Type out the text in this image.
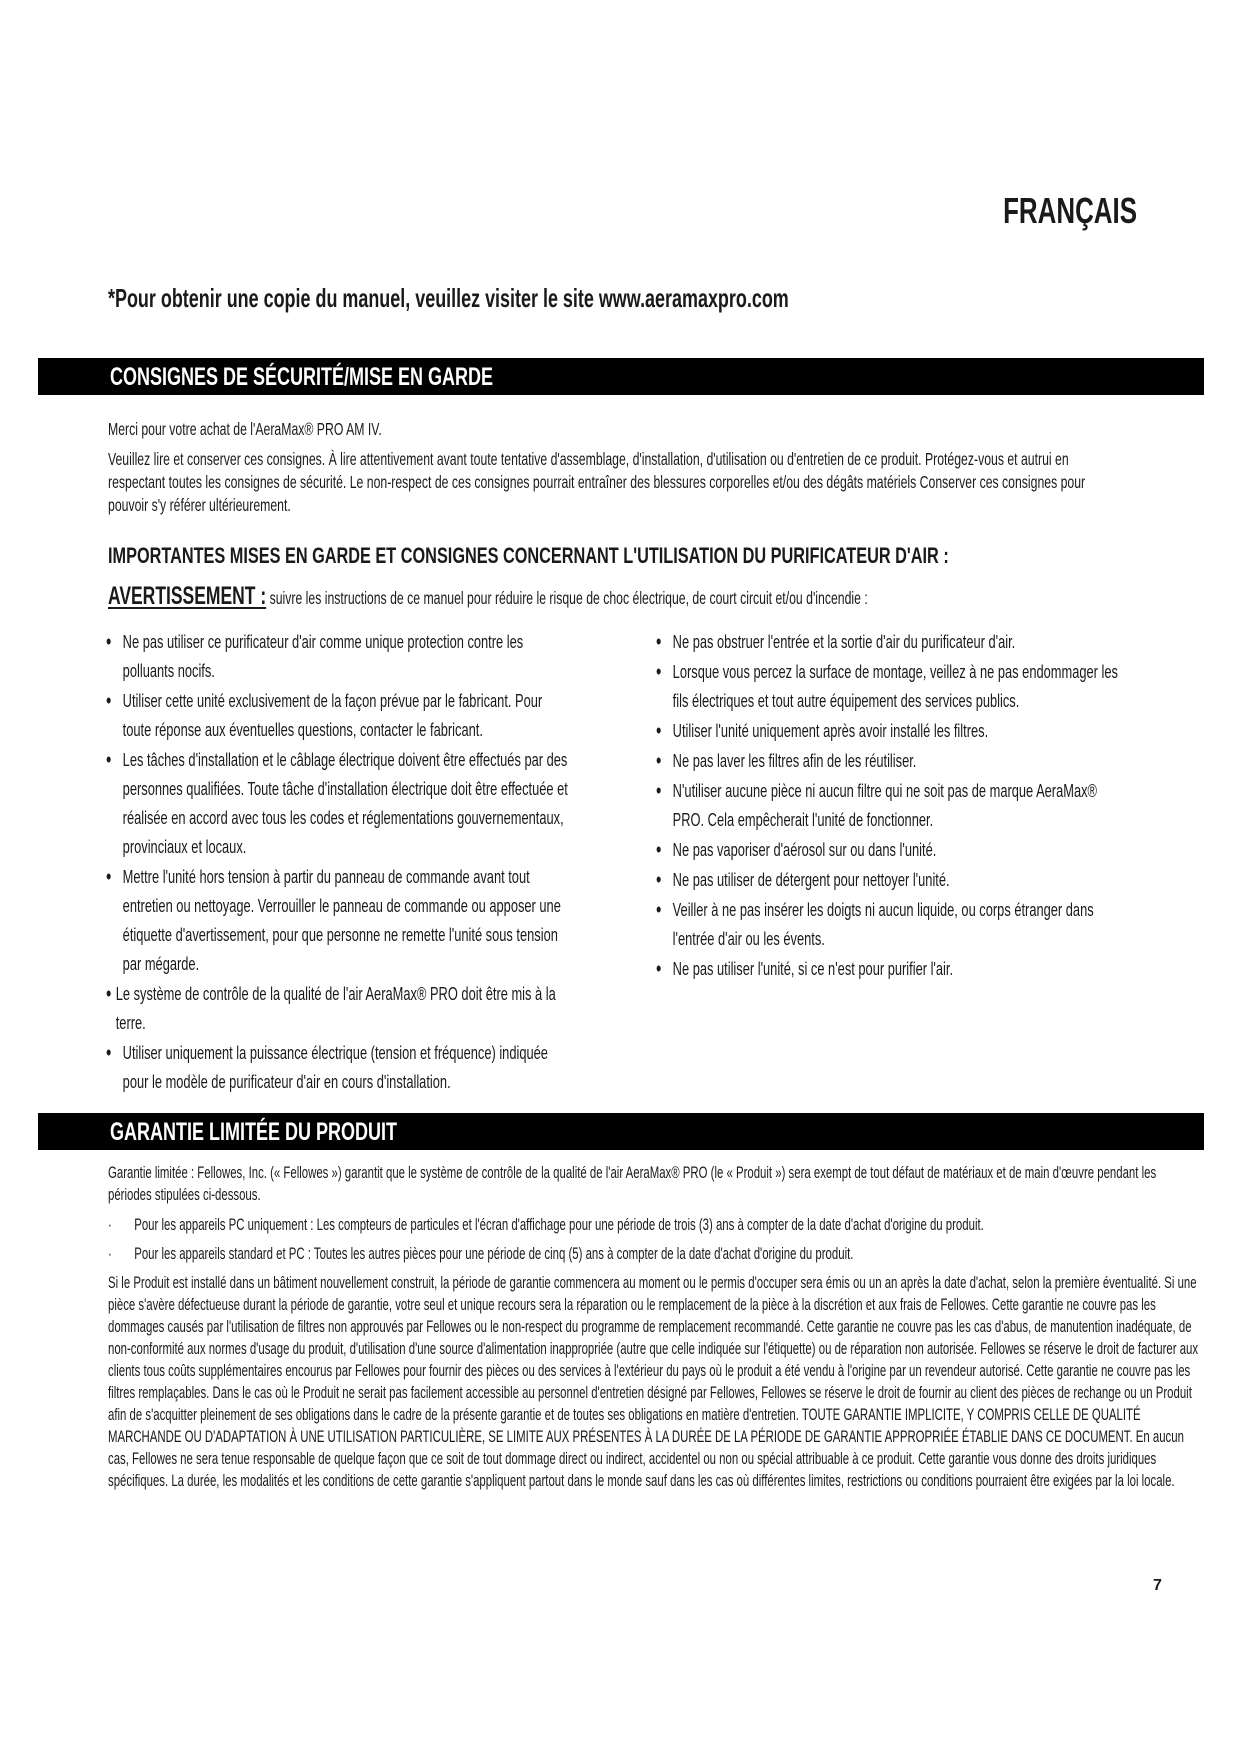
FRANÇAIS
*Pour obtenir une copie du manuel, veuillez visiter le site www.aeramaxpro.com
CONSIGNES DE SÉCURITÉ/MISE EN GARDE
Merci pour votre achat de l'AeraMax® PRO AM IV.
Veuillez lire et conserver ces consignes. À lire attentivement avant toute tentative d'assemblage, d'installation, d'utilisation ou d'entretien de ce produit. Protégez-vous et autrui en respectant toutes les consignes de sécurité. Le non-respect de ces consignes pourrait entraîner des blessures corporelles et/ou des dégâts matériels Conserver ces consignes pour pouvoir s'y référer ultérieurement.
IMPORTANTES MISES EN GARDE ET CONSIGNES CONCERNANT L'UTILISATION DU PURIFICATEUR D'AIR :
AVERTISSEMENT : suivre les instructions de ce manuel pour réduire le risque de choc électrique, de court circuit et/ou d'incendie :
• Ne pas utiliser ce purificateur d'air comme unique protection contre les polluants nocifs.
• Utiliser cette unité exclusivement de la façon prévue par le fabricant. Pour toute réponse aux éventuelles questions, contacter le fabricant.
• Les tâches d'installation et le câblage électrique doivent être effectués par des personnes qualifiées. Toute tâche d'installation électrique doit être effectuée et réalisée en accord avec tous les codes et réglementations gouvernementaux, provinciaux et locaux.
• Mettre l'unité hors tension à partir du panneau de commande avant tout entretien ou nettoyage. Verrouiller le panneau de commande ou apposer une étiquette d'avertissement, pour que personne ne remette l'unité sous tension par mégarde.
• Le système de contrôle de la qualité de l'air AeraMax® PRO doit être mis à la terre.
• Utiliser uniquement la puissance électrique (tension et fréquence) indiquée pour le modèle de purificateur d'air en cours d'installation.
• Ne pas obstruer l'entrée et la sortie d'air du purificateur d'air.
• Lorsque vous percez la surface de montage, veillez à ne pas endommager les fils électriques et tout autre équipement des services publics.
• Utiliser l'unité uniquement après avoir installé les filtres.
• Ne pas laver les filtres afin de les réutiliser.
• N'utiliser aucune pièce ni aucun filtre qui ne soit pas de marque AeraMax® PRO. Cela empêcherait l'unité de fonctionner.
• Ne pas vaporiser d'aérosol sur ou dans l'unité.
• Ne pas utiliser de détergent pour nettoyer l'unité.
• Veiller à ne pas insérer les doigts ni aucun liquide, ou corps étranger dans l'entrée d'air ou les évents.
• Ne pas utiliser l'unité, si ce n'est pour purifier l'air.
GARANTIE LIMITÉE DU PRODUIT
Garantie limitée : Fellowes, Inc. (« Fellowes ») garantit que le système de contrôle de la qualité de l'air AeraMax® PRO (le « Produit ») sera exempt de tout défaut de matériaux et de main d'œuvre pendant les périodes stipulées ci-dessous.
· Pour les appareils PC uniquement : Les compteurs de particules et l'écran d'affichage pour une période de trois (3) ans à compter de la date d'achat d'origine du produit.
· Pour les appareils standard et PC : Toutes les autres pièces pour une période de cinq (5) ans à compter de la date d'achat d'origine du produit.
Si le Produit est installé dans un bâtiment nouvellement construit, la période de garantie commencera au moment ou le permis d'occuper sera émis ou un an après la date d'achat, selon la première éventualité. Si une pièce s'avère défectueuse durant la période de garantie, votre seul et unique recours sera la réparation ou le remplacement de la pièce à la discrétion et aux frais de Fellowes. Cette garantie ne couvre pas les dommages causés par l'utilisation de filtres non approuvés par Fellowes ou le non-respect du programme de remplacement recommandé. Cette garantie ne couvre pas les cas d'abus, de manutention inadéquate, de non-conformité aux normes d'usage du produit, d'utilisation d'une source d'alimentation inappropriée (autre que celle indiquée sur l'étiquette) ou de réparation non autorisée. Fellowes se réserve le droit de facturer aux clients tous coûts supplémentaires encourus par Fellowes pour fournir des pièces ou des services à l'extérieur du pays où le produit a été vendu à l'origine par un revendeur autorisé. Cette garantie ne couvre pas les filtres remplaçables. Dans le cas où le Produit ne serait pas facilement accessible au personnel d'entretien désigné par Fellowes, Fellowes se réserve le droit de fournir au client des pièces de rechange ou un Produit afin de s'acquitter pleinement de ses obligations dans le cadre de la présente garantie et de toutes ses obligations en matière d'entretien. TOUTE GARANTIE IMPLICITE, Y COMPRIS CELLE DE QUALITÉ MARCHANDE OU D'ADAPTATION À UNE UTILISATION PARTICULIÈRE, SE LIMITE AUX PRÉSENTES À LA DURÉE DE LA PÉRIODE DE GARANTIE APPROPRIÉE ÉTABLIE DANS CE DOCUMENT. En aucun cas, Fellowes ne sera tenue responsable de quelque façon que ce soit de tout dommage direct ou indirect, accidentel ou non ou spécial attribuable à ce produit. Cette garantie vous donne des droits juridiques spécifiques. La durée, les modalités et les conditions de cette garantie s'appliquent partout dans le monde sauf dans les cas où différentes limites, restrictions ou conditions pourraient être exigées par la loi locale.
7
